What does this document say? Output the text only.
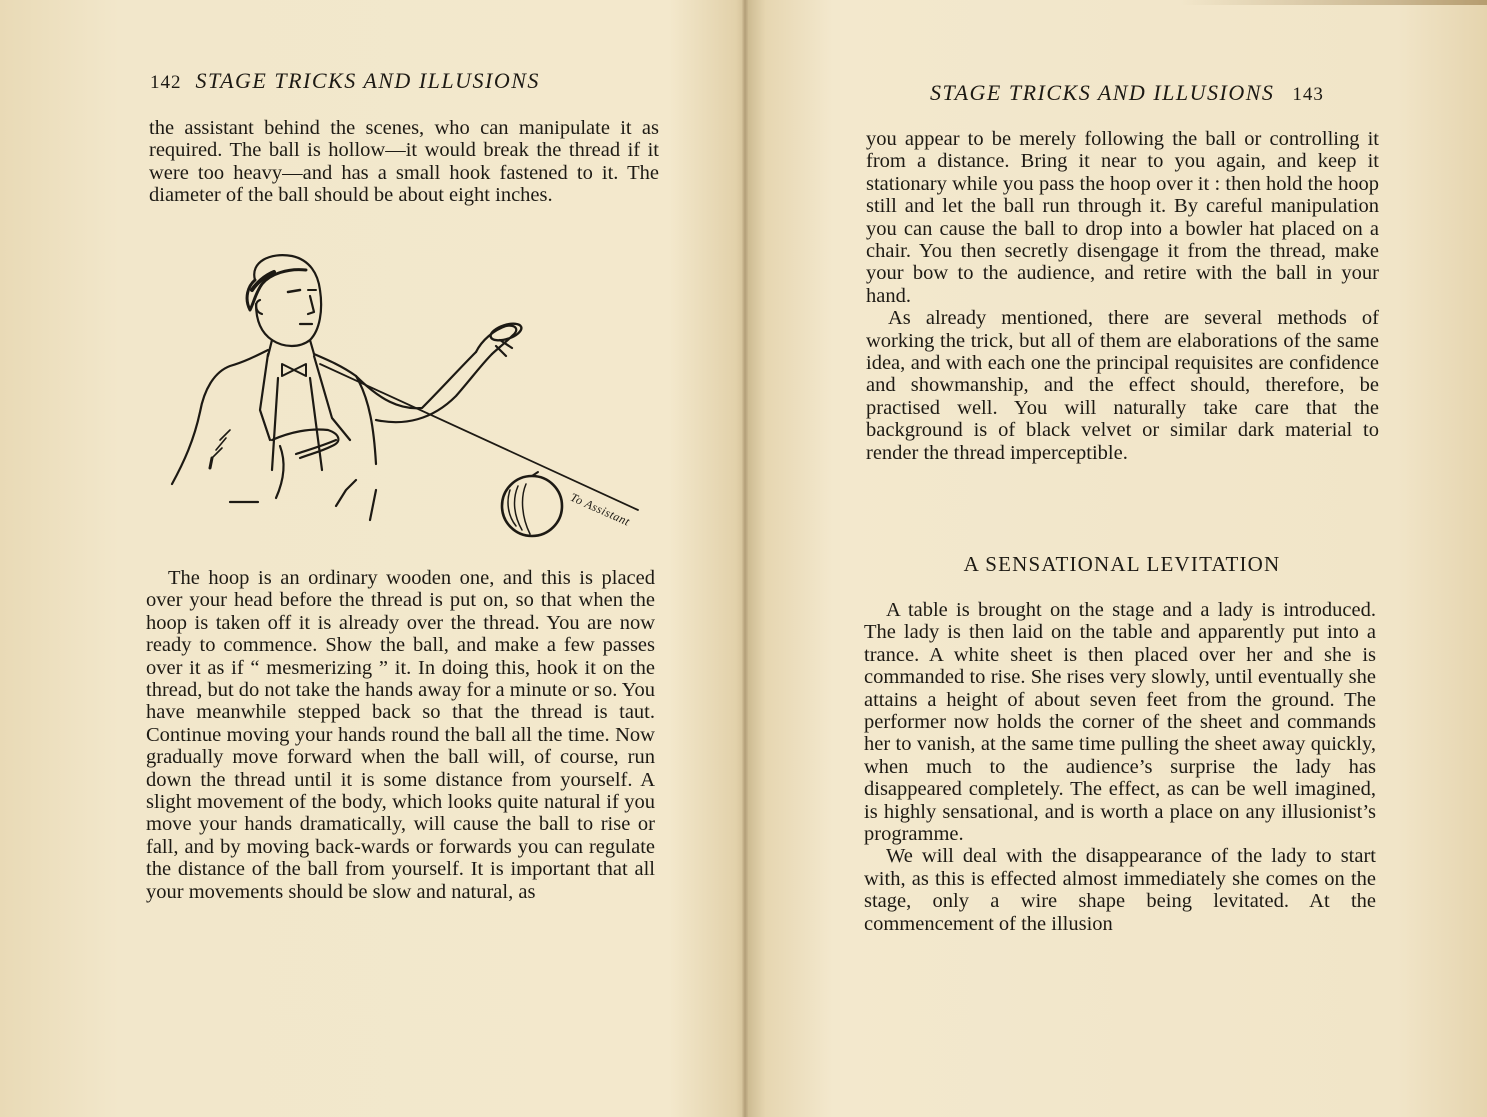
142 STAGE TRICKS AND ILLUSIONS

the assistant behind the scenes, who can manipulate it as required. The ball is hollow—it would break the thread if it were too heavy—and has a small hook fastened to it. The diameter of the ball should be about eight inches.

To Assistant

The hoop is an ordinary wooden one, and this is placed over your head before the thread is put on, so that when the hoop is taken off it is already over the thread. You are now ready to commence. Show the ball, and make a few passes over it as if “ mesmerizing ” it. In doing this, hook it on the thread, but do not take the hands away for a minute or so. You have meanwhile stepped back so that the thread is taut. Continue moving your hands round the ball all the time. Now gradually move forward when the ball will, of course, run down the thread until it is some distance from yourself. A slight movement of the body, which looks quite natural if you move your hands dramatically, will cause the ball to rise or fall, and by moving back-wards or forwards you can regulate the distance of the ball from yourself. It is important that all your movements should be slow and natural, as

STAGE TRICKS AND ILLUSIONS 143

you appear to be merely following the ball or controlling it from a distance. Bring it near to you again, and keep it stationary while you pass the hoop over it : then hold the hoop still and let the ball run through it. By careful manipulation you can cause the ball to drop into a bowler hat placed on a chair. You then secretly disengage it from the thread, make your bow to the audience, and retire with the ball in your hand.

As already mentioned, there are several methods of working the trick, but all of them are elaborations of the same idea, and with each one the principal requisites are confidence and showmanship, and the effect should, therefore, be practised well. You will naturally take care that the background is of black velvet or similar dark material to render the thread imperceptible.

A SENSATIONAL LEVITATION

A table is brought on the stage and a lady is introduced. The lady is then laid on the table and apparently put into a trance. A white sheet is then placed over her and she is commanded to rise. She rises very slowly, until eventually she attains a height of about seven feet from the ground. The performer now holds the corner of the sheet and commands her to vanish, at the same time pulling the sheet away quickly, when much to the audience’s surprise the lady has disappeared completely. The effect, as can be well imagined, is highly sensational, and is worth a place on any illusionist’s programme.

We will deal with the disappearance of the lady to start with, as this is effected almost immediately she comes on the stage, only a wire shape being levitated. At the commencement of the illusion
